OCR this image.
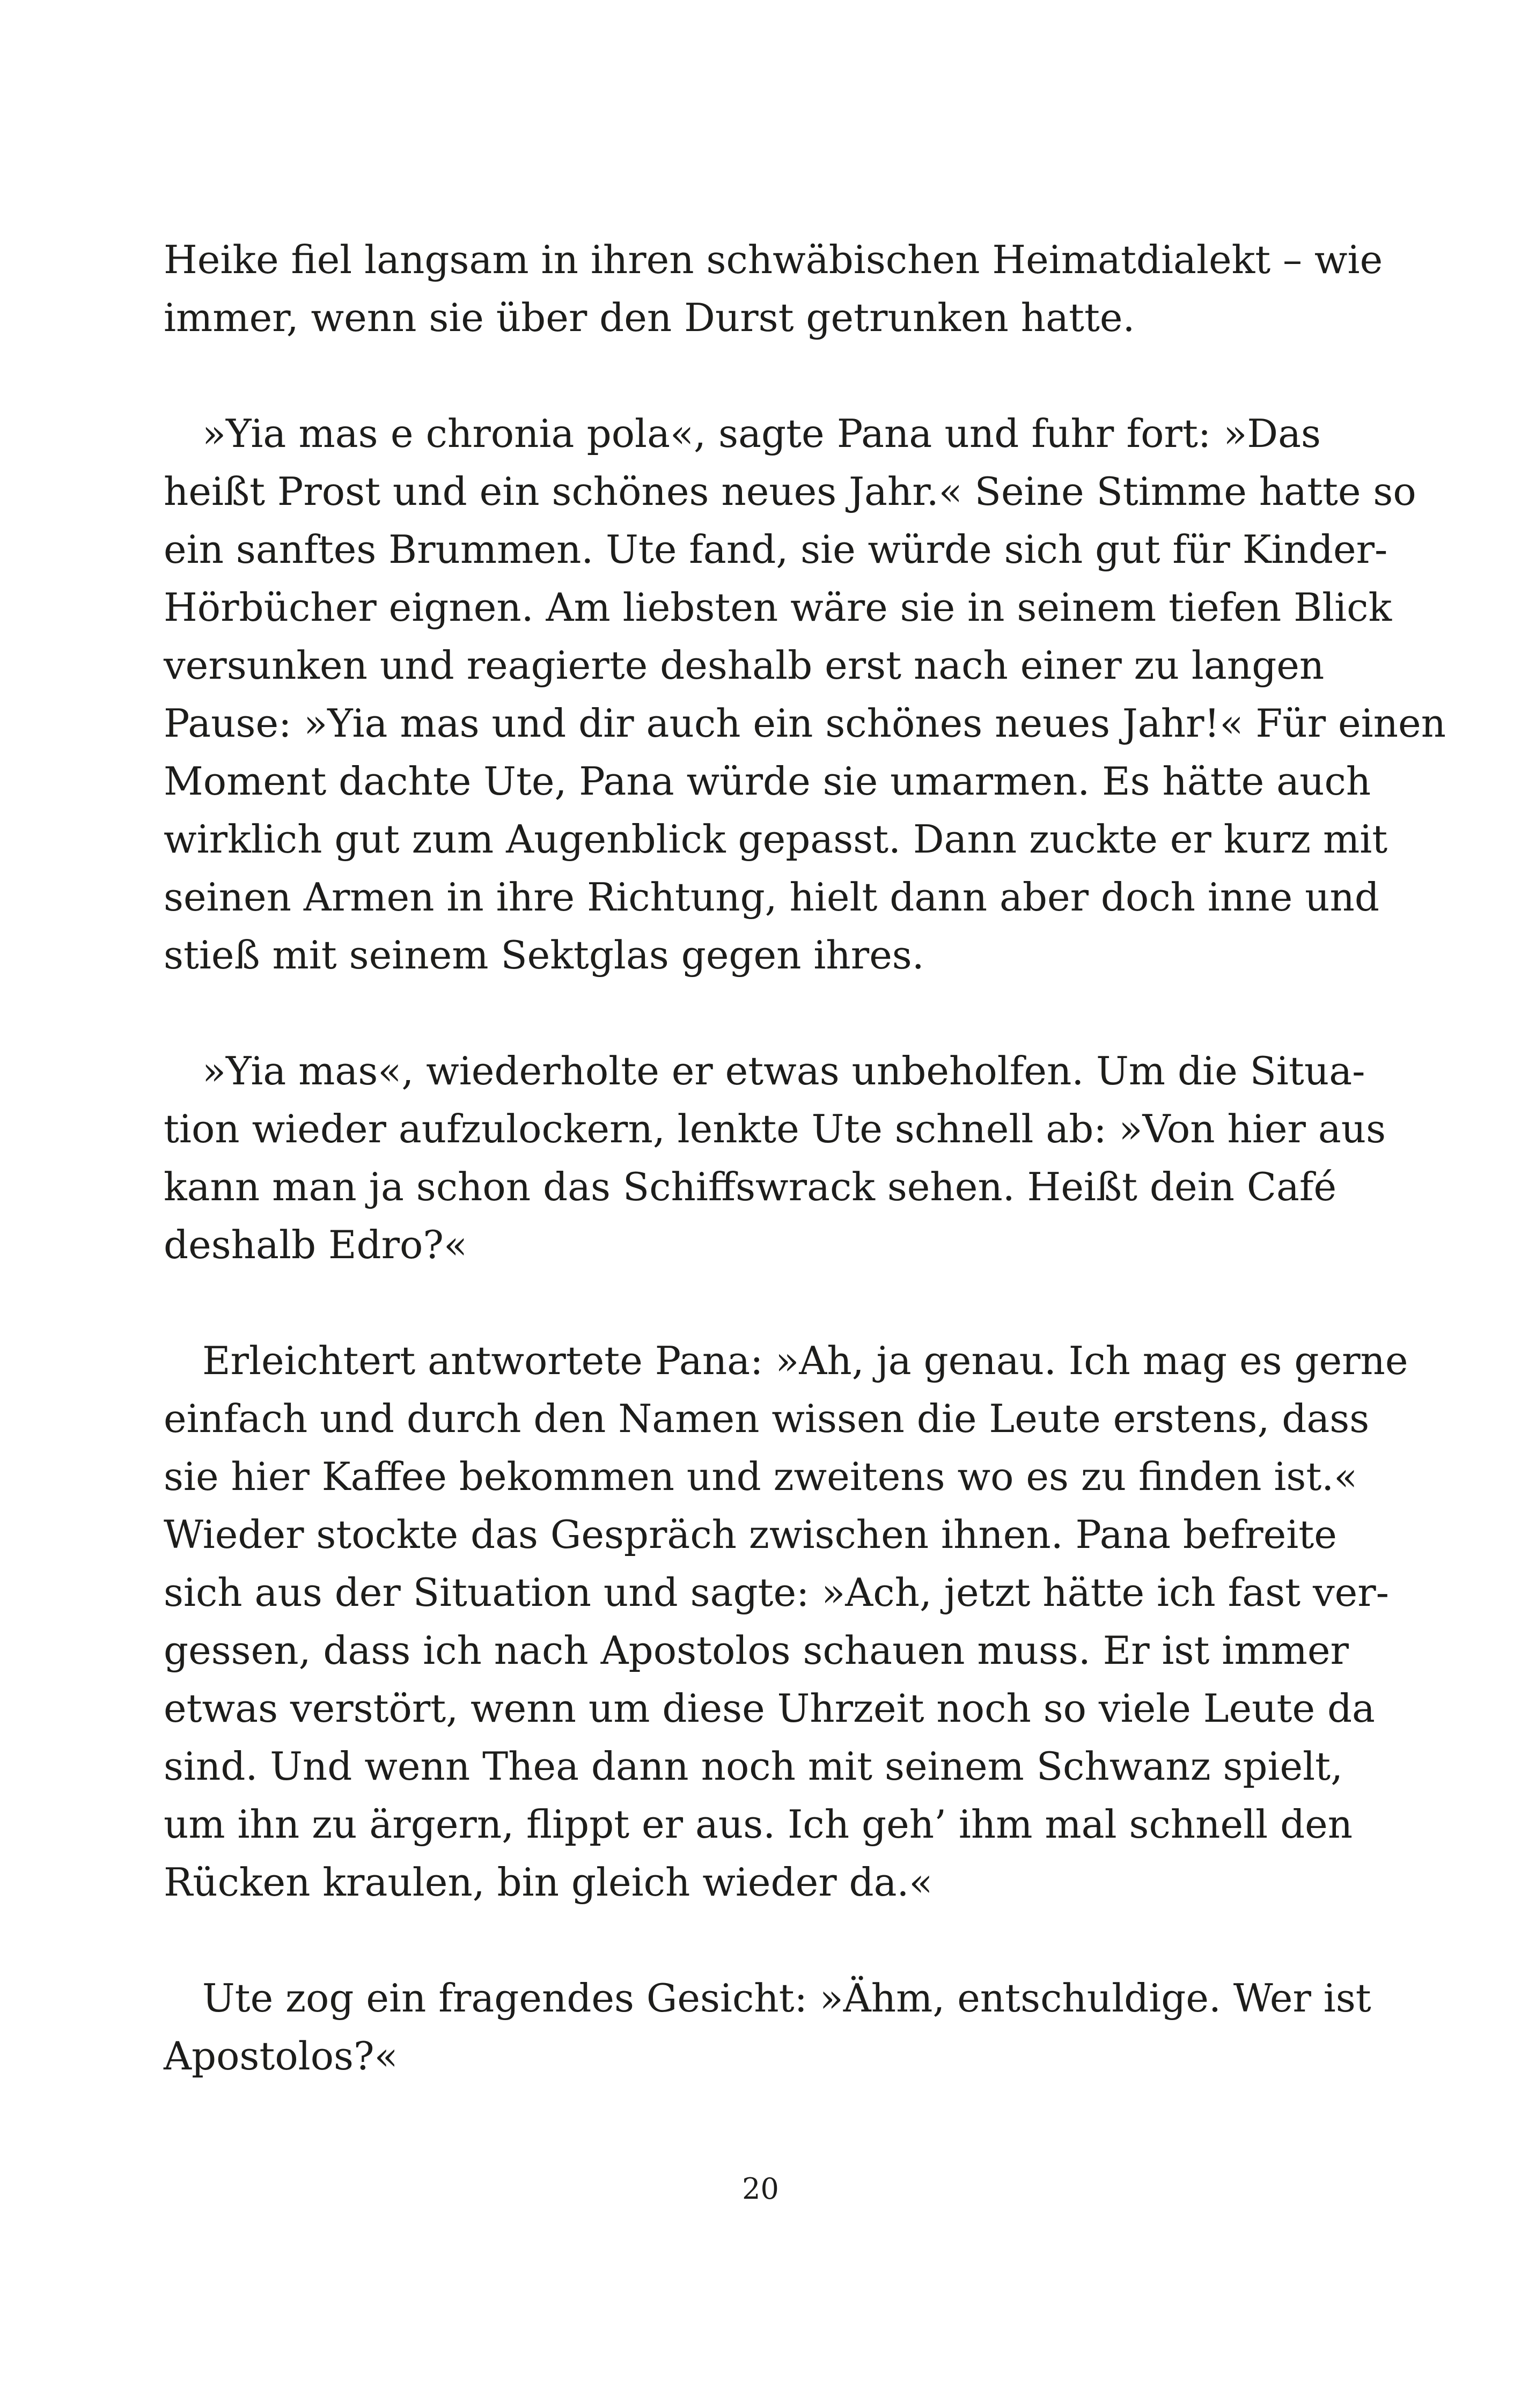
Heike fiel langsam in ihren schwäbischen Heimatdialekt – wie
immer, wenn sie über den Durst getrunken hatte.

»Yia mas e chronia pola«, sagte Pana und fuhr fort: »Das
heißt Prost und ein schönes neues Jahr.« Seine Stimme hatte so
ein sanftes Brummen. Ute fand, sie würde sich gut für Kinder-
Hörbücher eignen. Am liebsten wäre sie in seinem tiefen Blick
versunken und reagierte deshalb erst nach einer zu langen
Pause: »Yia mas und dir auch ein schönes neues Jahr!« Für einen
Moment dachte Ute, Pana würde sie umarmen. Es hätte auch
wirklich gut zum Augenblick gepasst. Dann zuckte er kurz mit
seinen Armen in ihre Richtung, hielt dann aber doch inne und
stieß mit seinem Sektglas gegen ihres.

»Yia mas«, wiederholte er etwas unbeholfen. Um die Situa-
tion wieder aufzulockern, lenkte Ute schnell ab: »Von hier aus
kann man ja schon das Schiffswrack sehen. Heißt dein Café
deshalb Edro?«

Erleichtert antwortete Pana: »Ah, ja genau. Ich mag es gerne
einfach und durch den Namen wissen die Leute erstens, dass
sie hier Kaffee bekommen und zweitens wo es zu finden ist.«
Wieder stockte das Gespräch zwischen ihnen. Pana befreite
sich aus der Situation und sagte: »Ach, jetzt hätte ich fast ver-
gessen, dass ich nach Apostolos schauen muss. Er ist immer
etwas verstört, wenn um diese Uhrzeit noch so viele Leute da
sind. Und wenn Thea dann noch mit seinem Schwanz spielt,
um ihn zu ärgern, flippt er aus. Ich geh’ ihm mal schnell den
Rücken kraulen, bin gleich wieder da.«

Ute zog ein fragendes Gesicht: »Ähm, entschuldige. Wer ist
Apostolos?«

20
